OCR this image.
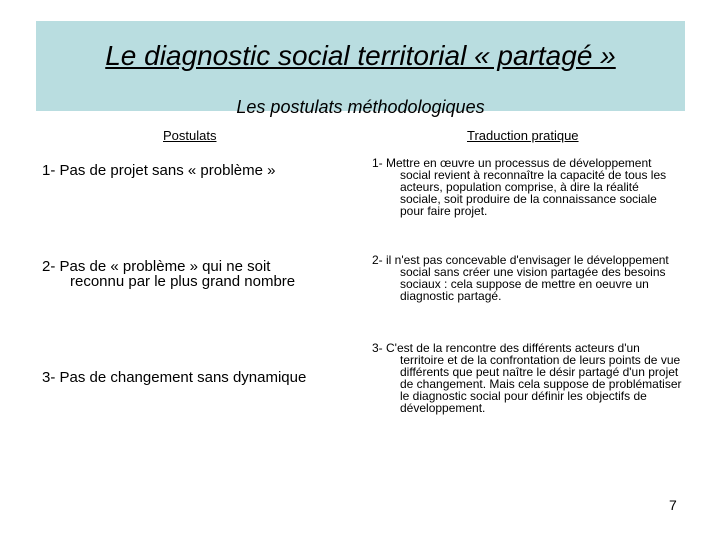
Le diagnostic social territorial « partagé »
Les postulats méthodologiques
Postulats	Traduction pratique
1- Pas de projet sans « problème »
2- Pas de « problème » qui ne soit
reconnu par le plus grand nombre
3- Pas de changement sans dynamique
1- Mettre en œuvre un processus de développement
social revient à reconnaître la capacité de tous les acteurs, population comprise, à dire la réalité sociale, soit produire de la connaissance sociale pour faire projet.
2- il n'est pas concevable d'envisager le développement
social sans créer une vision partagée des besoins sociaux : cela suppose de mettre en oeuvre un diagnostic partagé.
3- C'est de la rencontre des différents acteurs d'un
territoire et de la confrontation de leurs points de vue différents que peut naître le désir partagé d'un projet de changement. Mais cela suppose de problématiser le diagnostic social pour définir les objectifs de développement.
7
